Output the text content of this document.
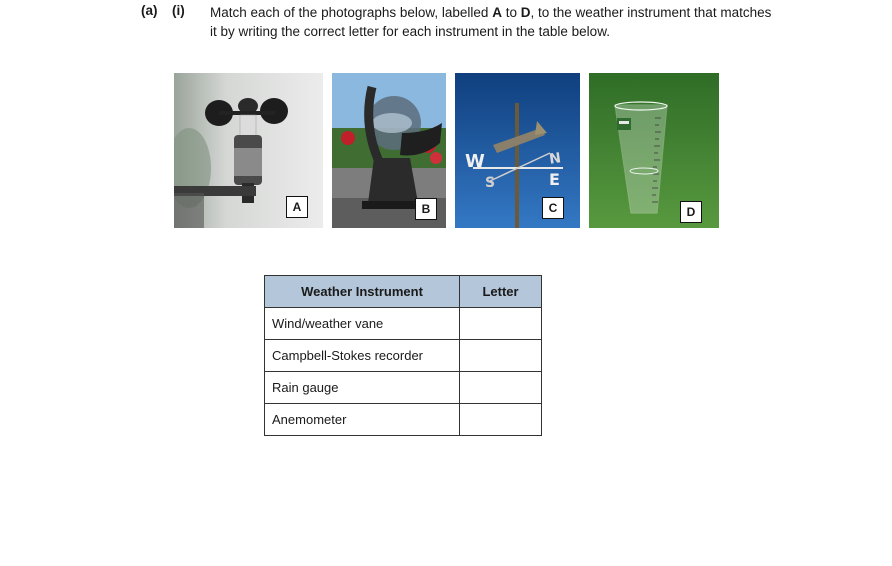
(a) (i) Match each of the photographs below, labelled A to D, to the weather instrument that matches it by writing the correct letter for each instrument in the table below.
A	B
W
E
N
S
C	D
Weather Instrument	Letter
Wind/weather vane	
Campbell-Stokes recorder	
Rain gauge	
Anemometer	
